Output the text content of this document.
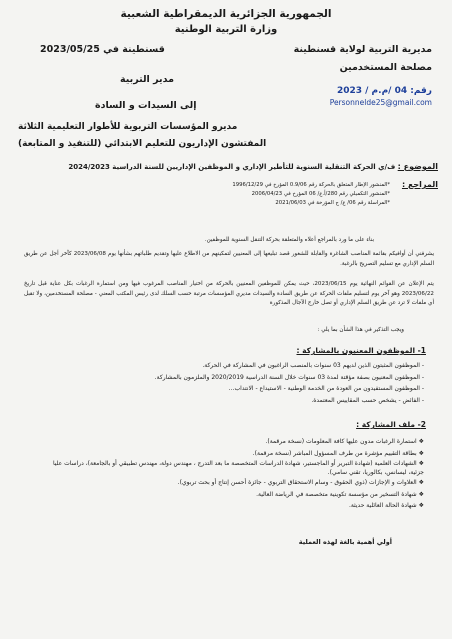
الجمهورية الجزائرية الديمقراطية الشعبية
وزارة التربية الوطنية
مديرية التربية لولاية قسنطينة
قسنطينة في 2023/05/25
مصلحة المستخدمين
رقم: 04 /م.م / 2023
Personnelde25@gmail.com
مدير التربية
إلى السيدات و السادة
مديرو المؤسسات التربوية للأطوار التعليمية الثلاثة
المفتشون الإداريون للتعليم الابتدائي (للتنفيذ و المتابعة)
الموضوع : ف/ي الحركة التنقلية السنوية للتأطير الإداري و الموظفين الإداريين للسنة الدراسية 2024/2023
المراجع :
*المنشور الإطار المتعلق بالحركة رقم 0.9/06 المؤرخ في 1996/12/29
*المنشور التكميلي رقم 280/أ.ع/ 06 المؤرخ في 2006/04/23
*المراسلة رقم 06/ ع/ ج المؤرخة في 2021/06/03
بناء على ما ورد بالمراجع أعلاه والمتعلقة بحركة التنقل السنوية للموظفين.
يشرفني أن أوافيكم بقائمة المناصب الشاغرة والقابلة للشغور قصد تبليغها إلى المعنيين لتمكينهم من الاطلاع عليها وتقديم طلباتهم بشأنها يوم 2023/06/08 كآخر أجل عن طريق السلم الإداري مع تسليم التصريح بالرغبة.
يتم الإعلان عن القوائم النهائية يوم 2023/06/15، حيث يمكن للموظفين المعنيين بالحركة من اختيار المناصب المرغوب فيها ومن استمارة الرغبات بكل عناية قبل تاريخ 2023/06/22 وهو آخر يوم لتسليم ملفات الحركة عن طريق السادة والسيدات مديري المؤسسات مرتبة حسب السلك لدى رئيس المكتب المعني - مصلحة المستخدمين، ولا تقبل أي ملفات لا ترد عن طريق السلم الإداري أو تصل خارج الآجال المذكورة
ويجب التذكير في هذا الشأن بما يلي :
1- الموظفون المعنيون بالمشاركة :
- الموظفون المثبتون الذين لديهم 03 سنوات بالمنصب الراغبون في المشاركة في الحركة.
- الموظفون المعنيون بصفة مؤقتة لمدة 03 سنوات خلال السنة الدراسية 2020/2019 والملزمون بالمشاركة.
- الموظفون المستفيدون من العودة من الخدمة الوطنية - الاستيداع - الانتداب...
- الفائض - يشخص حسب المقاييس المعتمدة.
2- ملف المشاركة :
❖ استمارة الرغبات مدون عليها كافة المعلومات (نسخة مرقمة).
❖ بطاقة التقييم مؤشرة من طرف المسؤول المباشر (نسخة مرقمة).
❖ الشهادات العلمية (شهادة التبرير أو الماجستير، شهادة الدراسات المتخصصة ما بعد التدرج ، مهندس دولة، مهندس تطبيقي أو بالجامعة)، دراسات عليا جزئية، ليسانس، بكالوريا، تقني سامي).
❖ العلاوات و الإجازات (ذوي الحقوق - وسام الاستحقاق التربوي - جائزة أحسن إنتاج أو بحث تربوي).
❖ شهادة التسخير من مؤسسة تكوينية متخصصة في الرياضة العالية.
❖ شهادة الحالة العائلية حديثة.
أولي أهمية بالغة لهذه العملية
